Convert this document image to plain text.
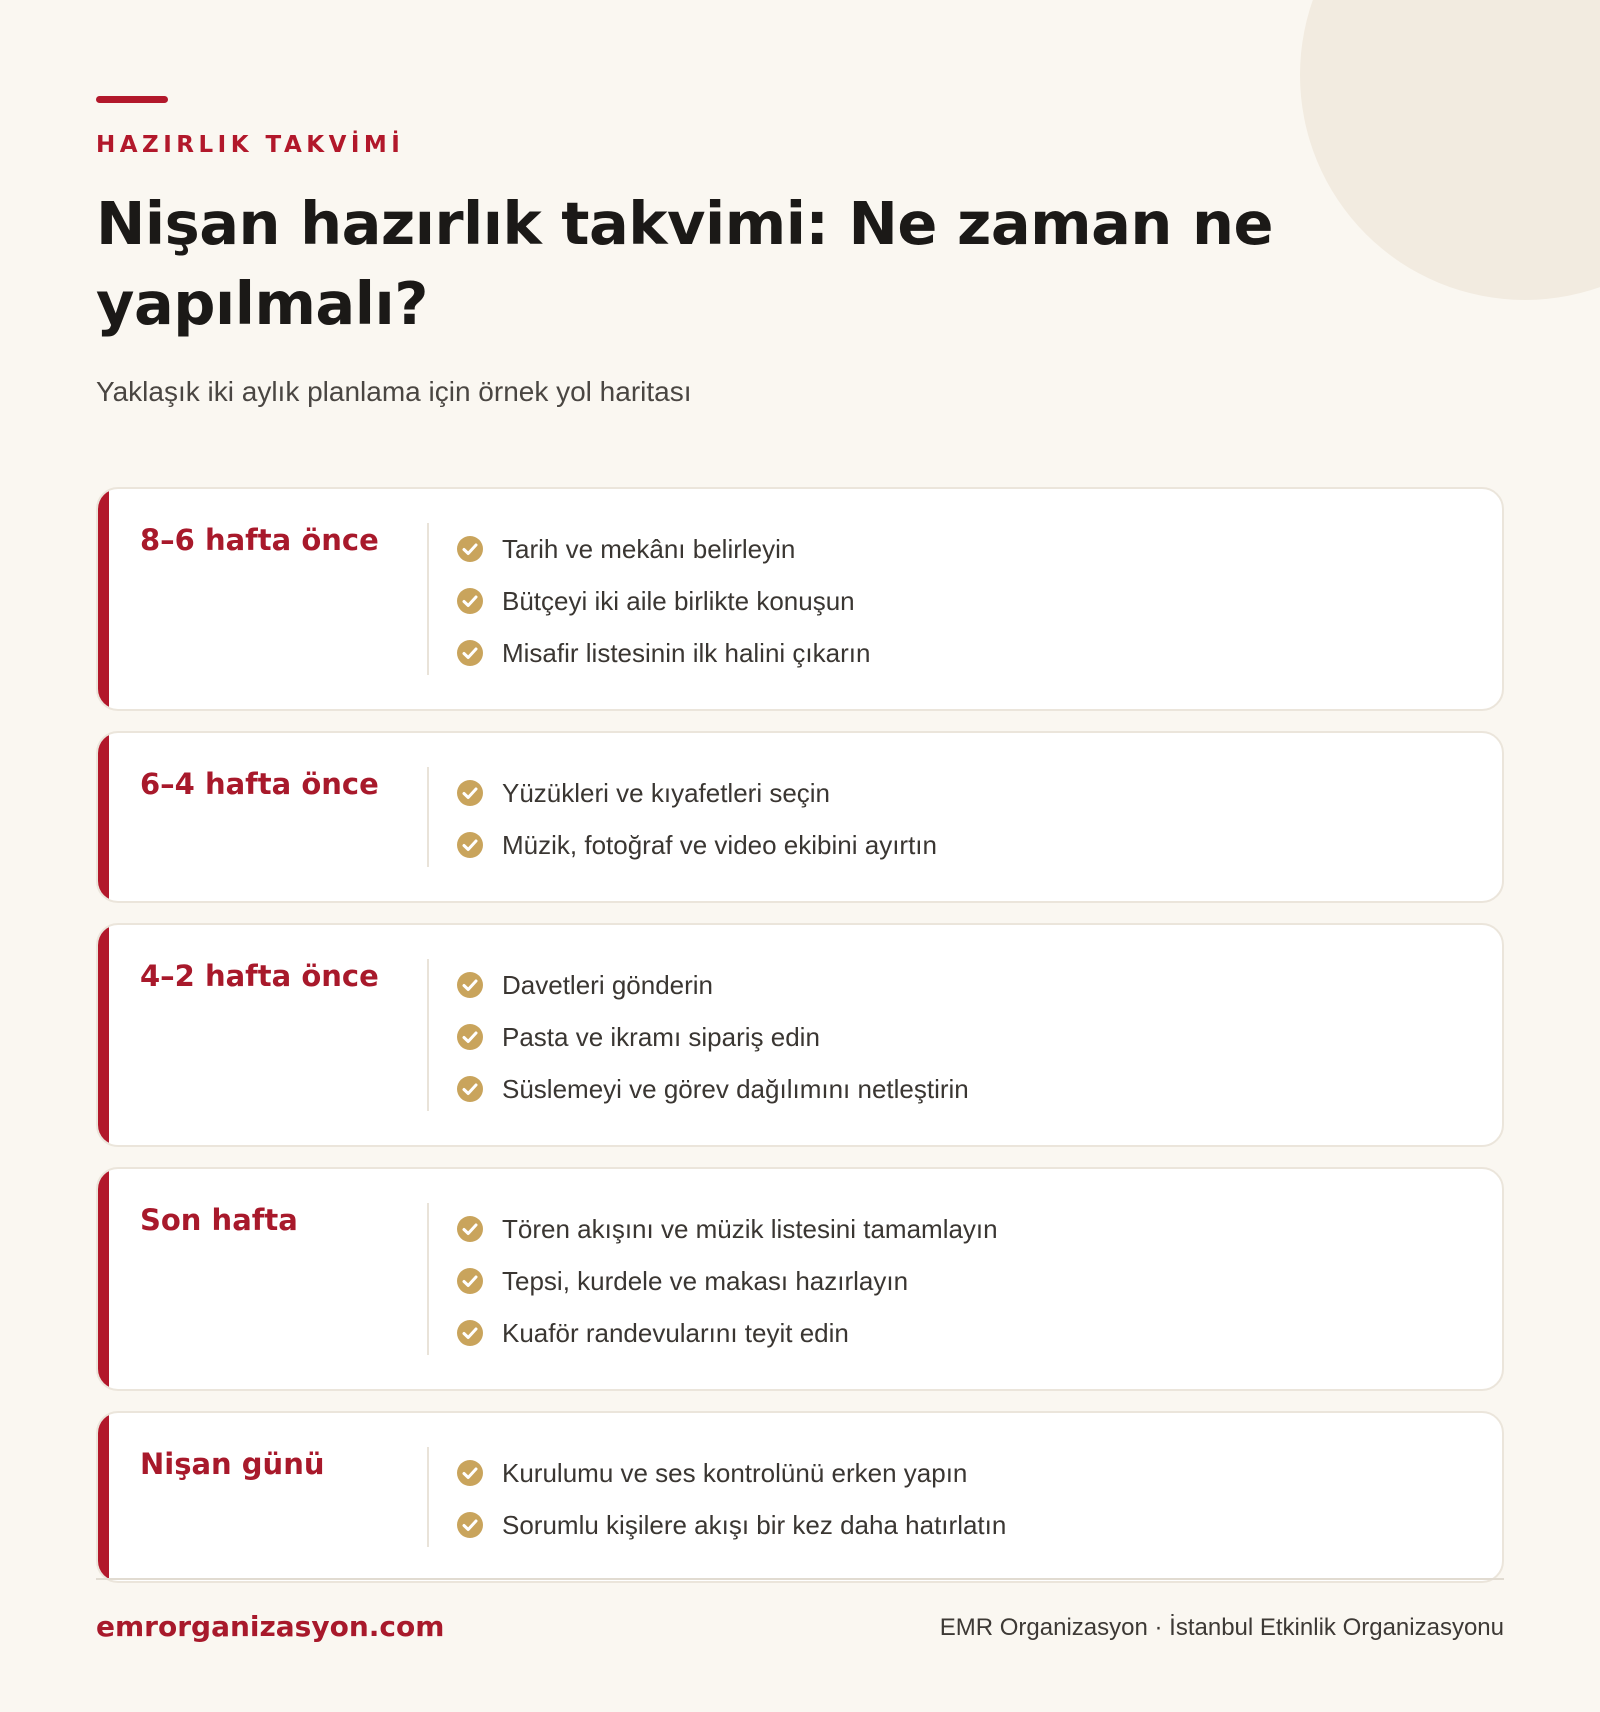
HAZIRLIK TAKVİMİ
Nişan hazırlık takvimi: Ne zaman ne yapılmalı?

Yaklaşık iki aylık planlama için örnek yol haritası

8–6 hafta önce	Tarih ve mekânı belirleyin
Bütçeyi iki aile birlikte konuşun
Misafir listesinin ilk halini çıkarın
6–4 hafta önce	Yüzükleri ve kıyafetleri seçin
Müzik, fotoğraf ve video ekibini ayırtın
4–2 hafta önce	Davetleri gönderin
Pasta ve ikramı sipariş edin
Süslemeyi ve görev dağılımını netleştirin
Son hafta	Tören akışını ve müzik listesini tamamlayın
Tepsi, kurdele ve makası hazırlayın
Kuaför randevularını teyit edin
Nişan günü	Kurulumu ve ses kontrolünü erken yapın
Sorumlu kişilere akışı bir kez daha hatırlatın
emrorganizasyon.com	EMR Organizasyon · İstanbul Etkinlik Organizasyonu
